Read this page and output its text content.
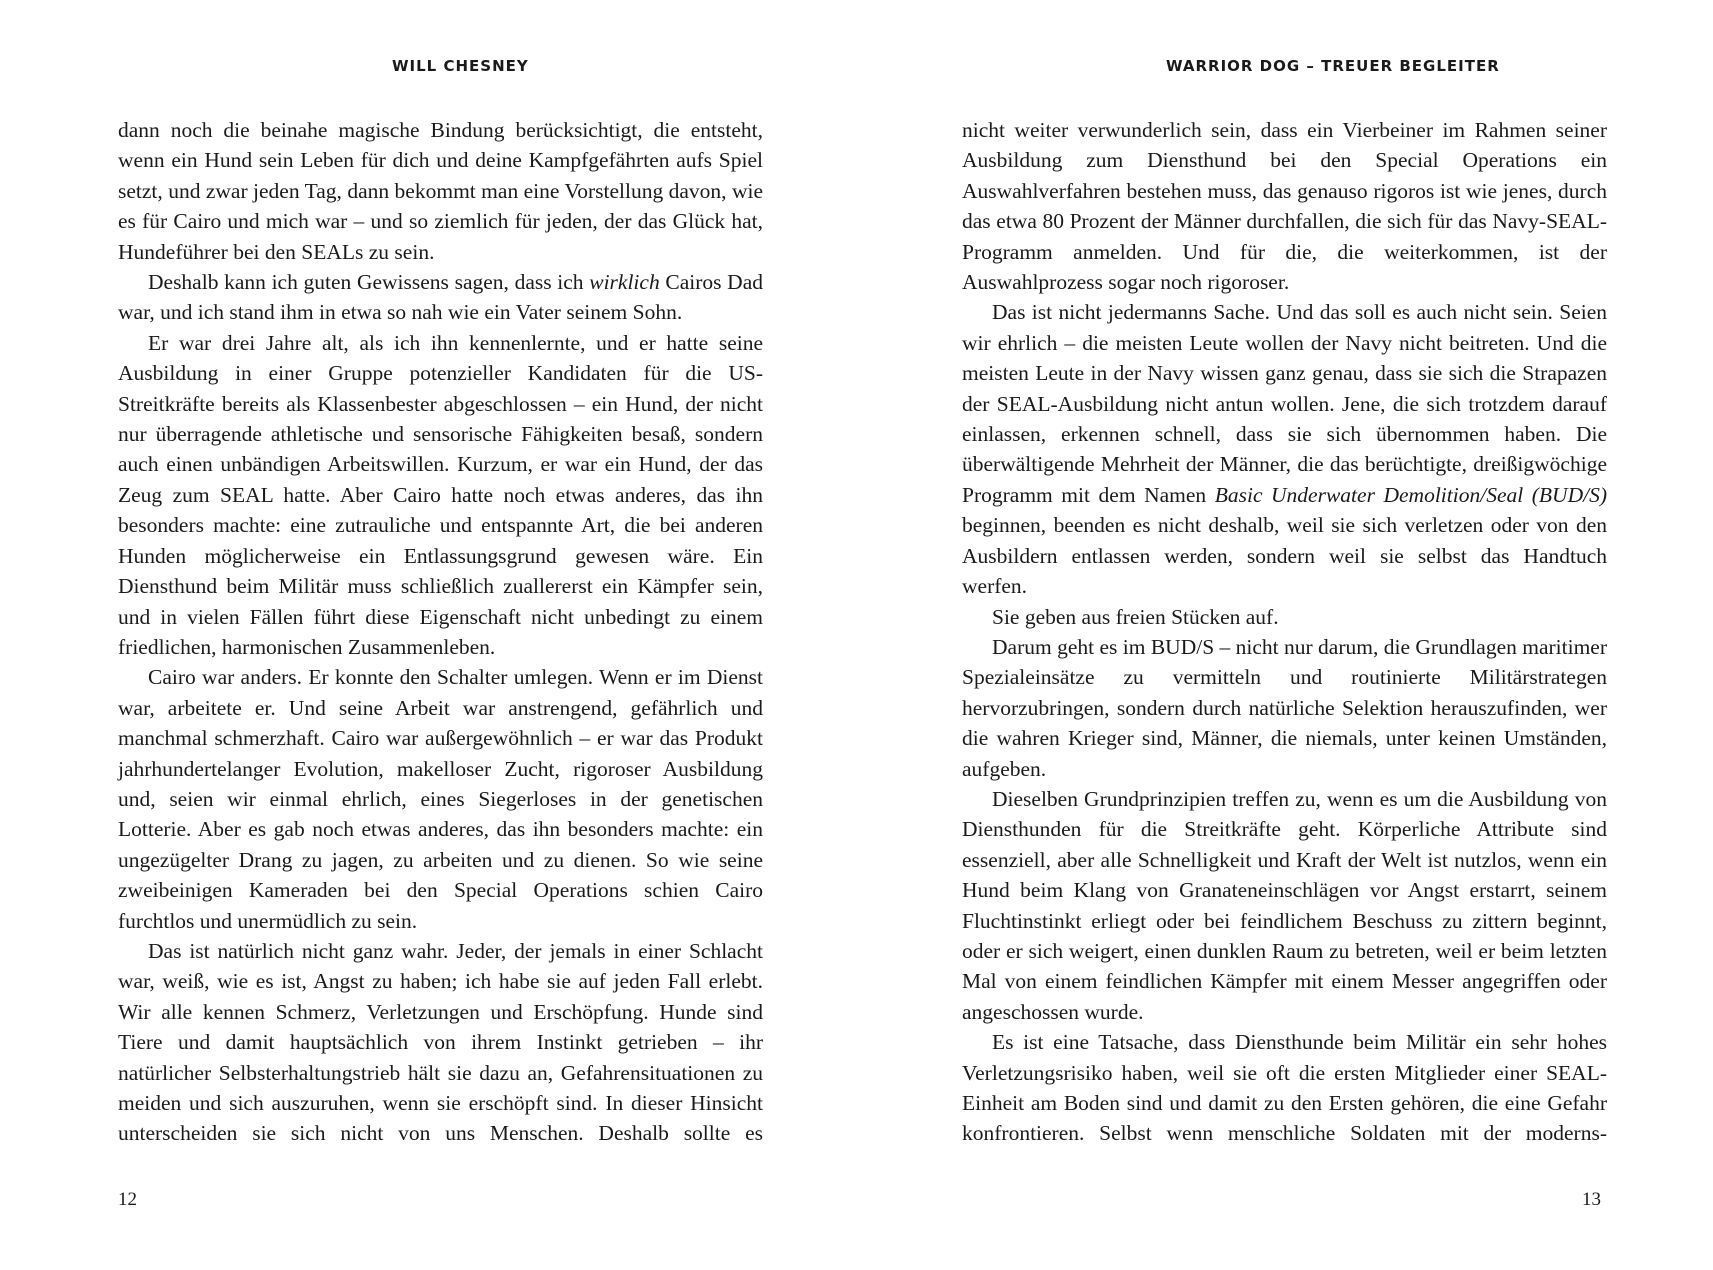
WILL CHESNEY

dann noch die beinahe magische Bindung berücksichtigt, die entsteht, wenn ein Hund sein Leben für dich und deine Kampfgefährten aufs Spiel setzt, und zwar jeden Tag, dann bekommt man eine Vorstellung davon, wie es für Cairo und mich war – und so ziemlich für jeden, der das Glück hat, Hundeführer bei den SEALs zu sein.

Deshalb kann ich guten Gewissens sagen, dass ich wirklich Cairos Dad war, und ich stand ihm in etwa so nah wie ein Vater seinem Sohn.

Er war drei Jahre alt, als ich ihn kennenlernte, und er hatte seine Ausbildung in einer Gruppe potenzieller Kandidaten für die US-Streitkräfte bereits als Klassenbester abgeschlossen – ein Hund, der nicht nur überragende athletische und sensorische Fähigkeiten besaß, sondern auch einen unbändigen Arbeitswillen. Kurzum, er war ein Hund, der das Zeug zum SEAL hatte. Aber Cairo hatte noch etwas anderes, das ihn besonders machte: eine zutrauliche und entspannte Art, die bei anderen Hunden möglicherweise ein Entlassungsgrund gewesen wäre. Ein Diensthund beim Militär muss schließlich zuallererst ein Kämpfer sein, und in vielen Fällen führt diese Eigenschaft nicht unbedingt zu einem friedlichen, harmonischen Zusammenleben.

Cairo war anders. Er konnte den Schalter umlegen. Wenn er im Dienst war, arbeitete er. Und seine Arbeit war anstrengend, gefährlich und manchmal schmerzhaft. Cairo war außergewöhnlich – er war das Produkt jahrhundertelanger Evolution, makelloser Zucht, rigoroser Ausbildung und, seien wir einmal ehrlich, eines Siegerloses in der genetischen Lotterie. Aber es gab noch etwas anderes, das ihn besonders machte: ein ungezügelter Drang zu jagen, zu arbeiten und zu dienen. So wie seine zweibeinigen Kameraden bei den Special Operations schien Cairo furchtlos und unermüdlich zu sein.

Das ist natürlich nicht ganz wahr. Jeder, der jemals in einer Schlacht war, weiß, wie es ist, Angst zu haben; ich habe sie auf jeden Fall erlebt. Wir alle kennen Schmerz, Verletzungen und Erschöpfung. Hunde sind Tiere und damit hauptsächlich von ihrem Instinkt getrieben – ihr natürlicher Selbsterhaltungstrieb hält sie dazu an, Gefahrensituationen zu meiden und sich auszuruhen, wenn sie erschöpft sind. In dieser Hinsicht unterscheiden sie sich nicht von uns Menschen. Deshalb sollte es

12
WARRIOR DOG – TREUER BEGLEITER

nicht weiter verwunderlich sein, dass ein Vierbeiner im Rahmen seiner Ausbildung zum Diensthund bei den Special Operations ein Auswahlverfahren bestehen muss, das genauso rigoros ist wie jenes, durch das etwa 80 Prozent der Männer durchfallen, die sich für das Navy-SEAL-Programm anmelden. Und für die, die weiterkommen, ist der Auswahlprozess sogar noch rigoroser.

Das ist nicht jedermanns Sache. Und das soll es auch nicht sein. Seien wir ehrlich – die meisten Leute wollen der Navy nicht beitreten. Und die meisten Leute in der Navy wissen ganz genau, dass sie sich die Strapazen der SEAL-Ausbildung nicht antun wollen. Jene, die sich trotzdem darauf einlassen, erkennen schnell, dass sie sich übernommen haben. Die überwältigende Mehrheit der Männer, die das berüchtigte, dreißigwöchige Programm mit dem Namen Basic Underwater Demolition/Seal (BUD/S) beginnen, beenden es nicht deshalb, weil sie sich verletzen oder von den Ausbildern entlassen werden, sondern weil sie selbst das Handtuch werfen.

Sie geben aus freien Stücken auf.

Darum geht es im BUD/S – nicht nur darum, die Grundlagen maritimer Spezialeinsätze zu vermitteln und routinierte Militärstrategen hervorzubringen, sondern durch natürliche Selektion herauszufinden, wer die wahren Krieger sind, Männer, die niemals, unter keinen Umständen, aufgeben.

Dieselben Grundprinzipien treffen zu, wenn es um die Ausbildung von Diensthunden für die Streitkräfte geht. Körperliche Attribute sind essenziell, aber alle Schnelligkeit und Kraft der Welt ist nutzlos, wenn ein Hund beim Klang von Granateneinschlägen vor Angst erstarrt, seinem Fluchtinstinkt erliegt oder bei feindlichem Beschuss zu zittern beginnt, oder er sich weigert, einen dunklen Raum zu betreten, weil er beim letzten Mal von einem feindlichen Kämpfer mit einem Messer angegriffen oder angeschossen wurde.

Es ist eine Tatsache, dass Diensthunde beim Militär ein sehr hohes Verletzungsrisiko haben, weil sie oft die ersten Mitglieder einer SEAL-Einheit am Boden sind und damit zu den Ersten gehören, die eine Gefahr konfrontieren. Selbst wenn menschliche Soldaten mit der moderns-

13
